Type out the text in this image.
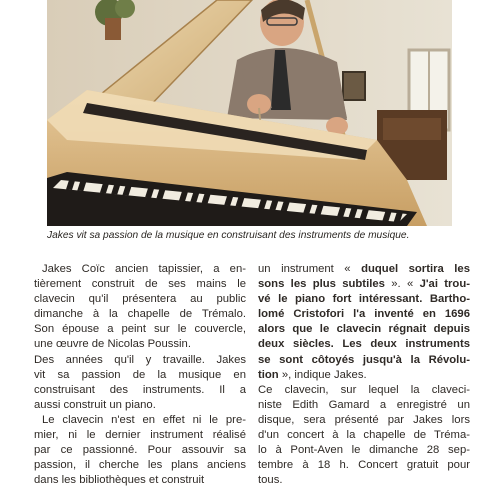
Jakes vit sa passion de la musique en construisant des instruments de musique.
Jakes Coïc ancien tapissier, a en-
tièrement construit de ses mains le
clavecin qu'il présentera au public
dimanche à la chapelle de Trémalo.
Son épouse a peint sur le couvercle,
une œuvre de Nicolas Poussin.
Des années qu'il y travaille. Jakes
vit sa passion de la musique en
construisant des instruments. Il a
aussi construit un piano.
Le clavecin n'est en effet ni le pre-
mier, ni le dernier instrument réalisé
par ce passionné. Pour assouvir sa
passion, il cherche les plans anciens
dans les bibliothèques et construit
un instrument « duquel sortira les
sons les plus subtiles ». « J'ai trou-
vé le piano fort intéressant. Bartho-
lomé Cristofori l'a inventé en 1696
alors que le clavecin régnait depuis
deux siècles. Les deux instruments
se sont côtoyés jusqu'à la Révolu-
tion », indique Jakes.
Ce clavecin, sur lequel la claveci-
niste Edith Gamard a enregistré un
disque, sera présenté par Jakes lors
d'un concert à la chapelle de Tréma-
lo à Pont-Aven le dimanche 28 sep-
tembre à 18 h. Concert gratuit pour
tous.
